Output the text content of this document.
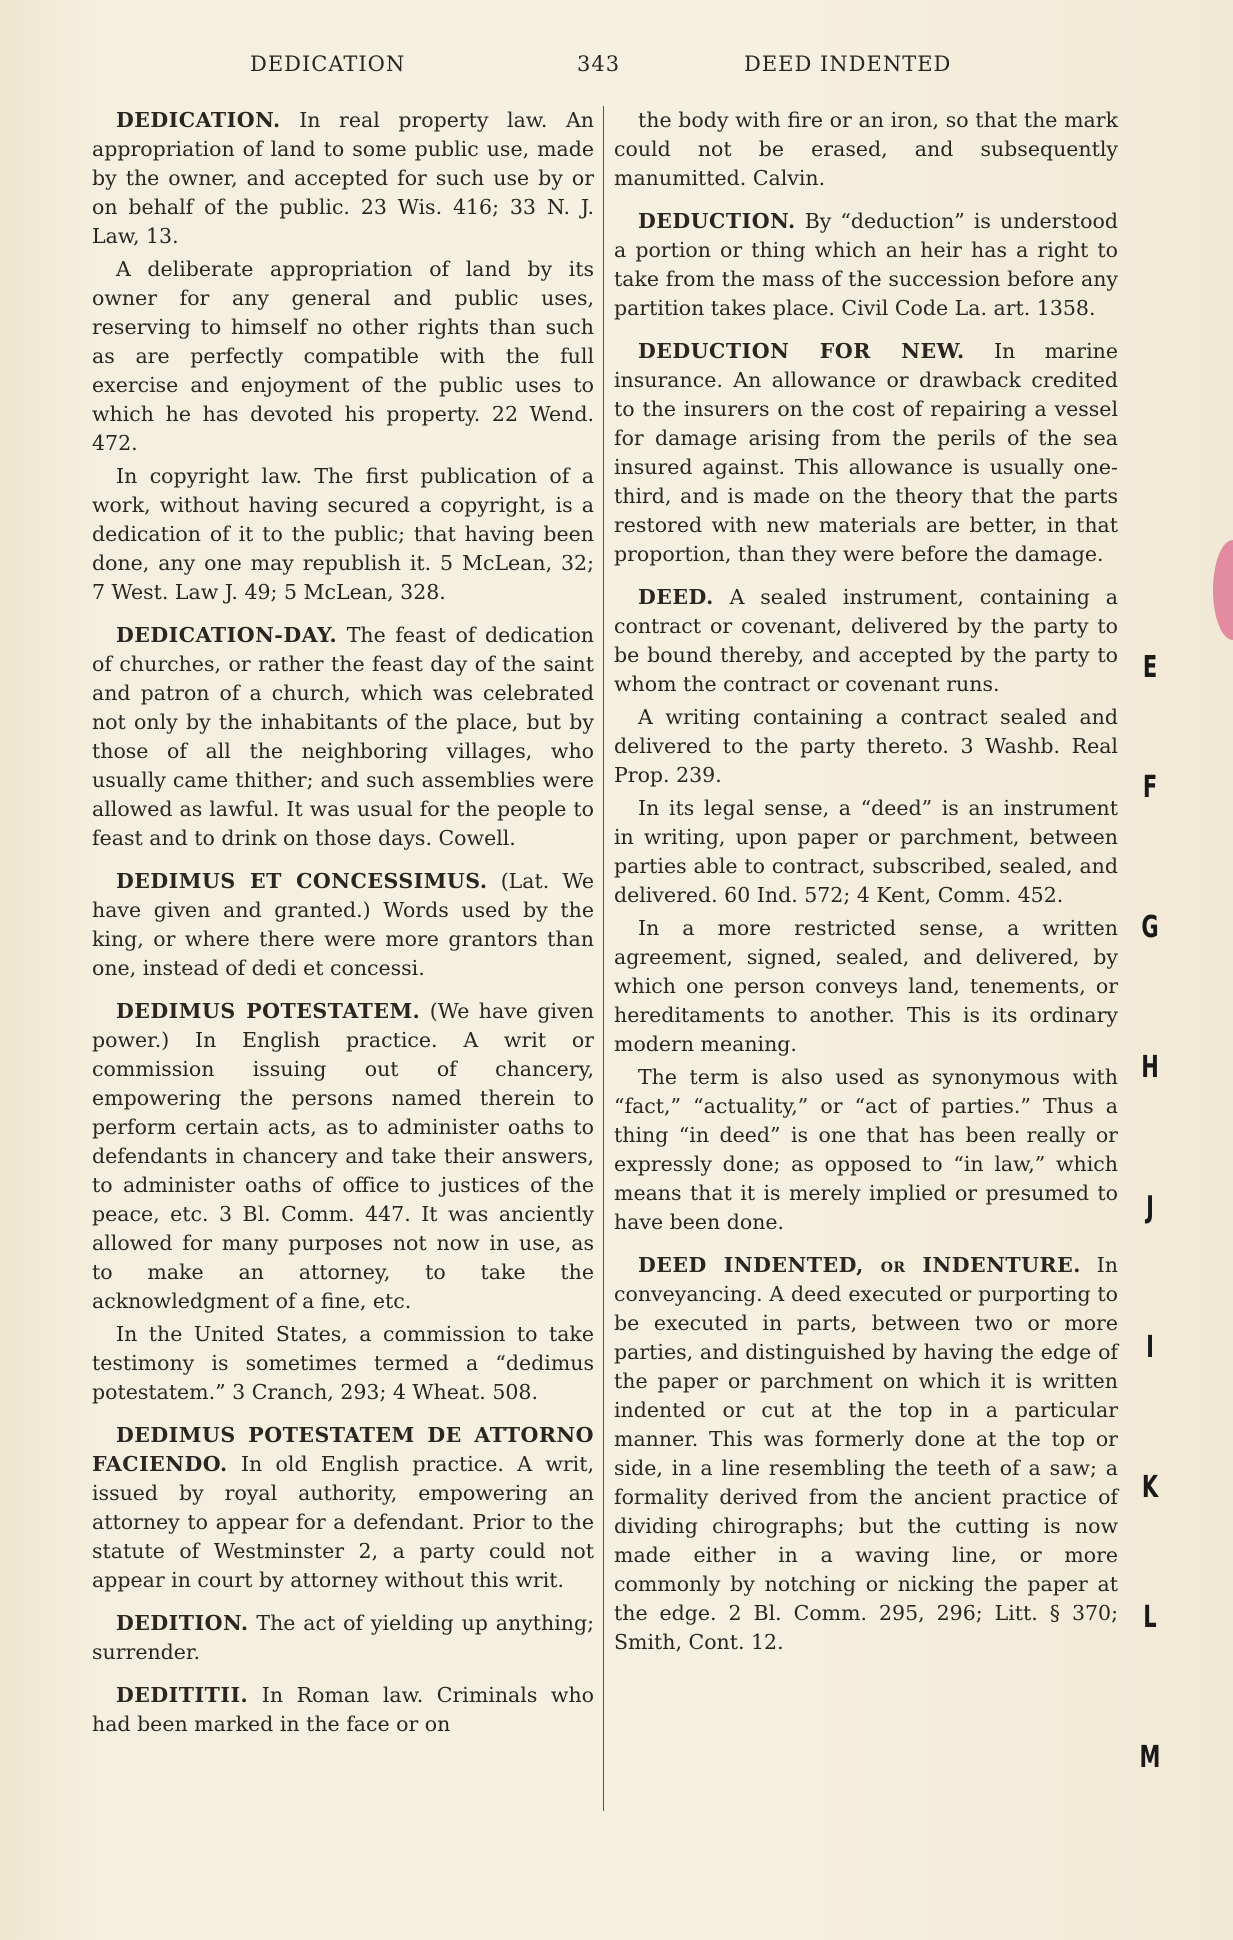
DEDICATION	343	DEED INDENTED

DEDICATION. In real property law. An appropriation of land to some public use, made by the owner, and accepted for such use by or on behalf of the public. 23 Wis. 416; 33 N. J. Law, 13.

A deliberate appropriation of land by its owner for any general and public uses, reserving to himself no other rights than such as are perfectly compatible with the full exercise and enjoyment of the public uses to which he has devoted his property. 22 Wend. 472.

In copyright law. The first publication of a work, without having secured a copyright, is a dedication of it to the public; that having been done, any one may republish it. 5 McLean, 32; 7 West. Law J. 49; 5 McLean, 328.

DEDICATION-DAY. The feast of dedication of churches, or rather the feast day of the saint and patron of a church, which was celebrated not only by the inhabitants of the place, but by those of all the neighboring villages, who usually came thither; and such assemblies were allowed as lawful. It was usual for the people to feast and to drink on those days. Cowell.

DEDIMUS ET CONCESSIMUS. (Lat. We have given and granted.) Words used by the king, or where there were more grantors than one, instead of dedi et concessi.

DEDIMUS POTESTATEM. (We have given power.) In English practice. A writ or commission issuing out of chancery, empowering the persons named therein to perform certain acts, as to administer oaths to defendants in chancery and take their answers, to administer oaths of office to justices of the peace, etc. 3 Bl. Comm. 447. It was anciently allowed for many purposes not now in use, as to make an attorney, to take the acknowledgment of a fine, etc.

In the United States, a commission to take testimony is sometimes termed a “dedimus potestatem.” 3 Cranch, 293; 4 Wheat. 508.

DEDIMUS POTESTATEM DE ATTORNO FACIENDO. In old English practice. A writ, issued by royal authority, empowering an attorney to appear for a defendant. Prior to the statute of Westminster 2, a party could not appear in court by attorney without this writ.

DEDITION. The act of yielding up anything; surrender.

DEDITITII. In Roman law. Criminals who had been marked in the face or on

the body with fire or an iron, so that the mark could not be erased, and subsequently manumitted. Calvin.

DEDUCTION. By “deduction” is understood a portion or thing which an heir has a right to take from the mass of the succession before any partition takes place. Civil Code La. art. 1358.

DEDUCTION FOR NEW. In marine insurance. An allowance or drawback credited to the insurers on the cost of repairing a vessel for damage arising from the perils of the sea insured against. This allowance is usually one-third, and is made on the theory that the parts restored with new materials are better, in that proportion, than they were before the damage.

DEED. A sealed instrument, containing a contract or covenant, delivered by the party to be bound thereby, and accepted by the party to whom the contract or covenant runs.

A writing containing a contract sealed and delivered to the party thereto. 3 Washb. Real Prop. 239.

In its legal sense, a “deed” is an instrument in writing, upon paper or parchment, between parties able to contract, subscribed, sealed, and delivered. 60 Ind. 572; 4 Kent, Comm. 452.

In a more restricted sense, a written agreement, signed, sealed, and delivered, by which one person conveys land, tenements, or hereditaments to another. This is its ordinary modern meaning.

The term is also used as synonymous with “fact,” “actuality,” or “act of parties.” Thus a thing “in deed” is one that has been really or expressly done; as opposed to “in law,” which means that it is merely implied or presumed to have been done.

DEED INDENTED, or INDENTURE. In conveyancing. A deed executed or purporting to be executed in parts, between two or more parties, and distinguished by having the edge of the paper or parchment on which it is written indented or cut at the top in a particular manner. This was formerly done at the top or side, in a line resembling the teeth of a saw; a formality derived from the ancient practice of dividing chirographs; but the cutting is now made either in a waving line, or more commonly by notching or nicking the paper at the edge. 2 Bl. Comm. 295, 296; Litt. § 370; Smith, Cont. 12.

E
F
G
H
J
I
K
L
M
